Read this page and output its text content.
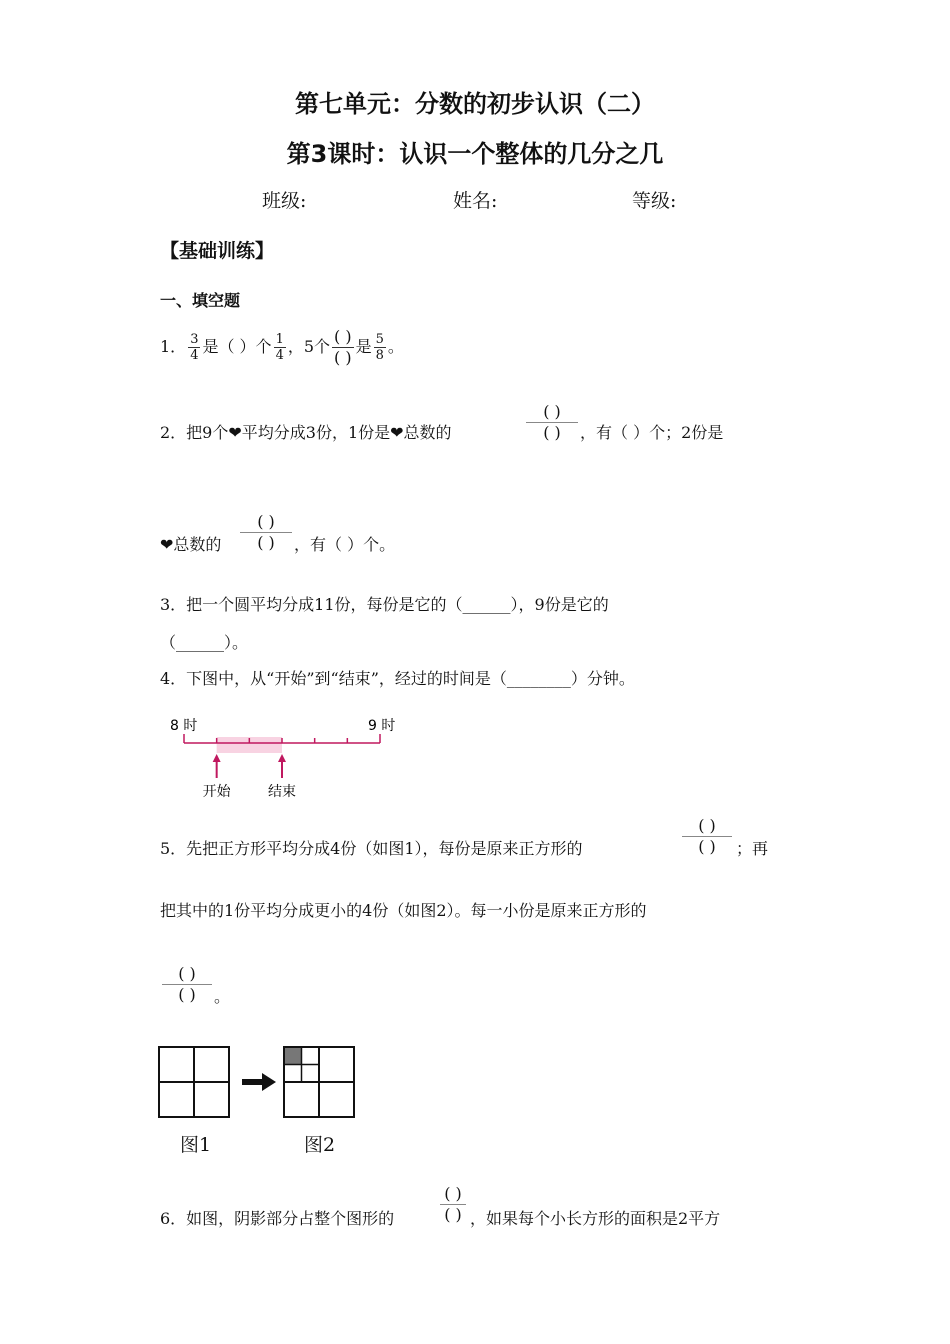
第七单元：分数的初步认识（二）
第3课时：认识一个整体的几分之几
班级:	姓名:	等级:
【基础训练】
一、填空题
1． $\frac{3}{4}$ 是（ ）个 $\frac{1}{4}$ ，5个 $\frac{( )}{( )}$ 是 $\frac{5}{8}$ 。
2．把9个❤平均分成3份，1份是❤总数的
( )
( )	，有（ ）个；2份是
❤总数的
( )
( )	，有（ ）个。
3．把一个圆平均分成11份，每份是它的（______），9份是它的
（______）。
4．下图中，从“开始”到“结束”，经过的时间是（________）分钟。
8 时	9 时
开始	结束
5．先把正方形平均分成4份（如图1），每份是原来正方形的
( )
( )	；再
把其中的1份平均分成更小的4份（如图2）。每一小份是原来正方形的
( )
( )	。
图1	图2
6．如图，阴影部分占整个图形的
( )
( ) ，如果每个小长方形的面积是2平方
